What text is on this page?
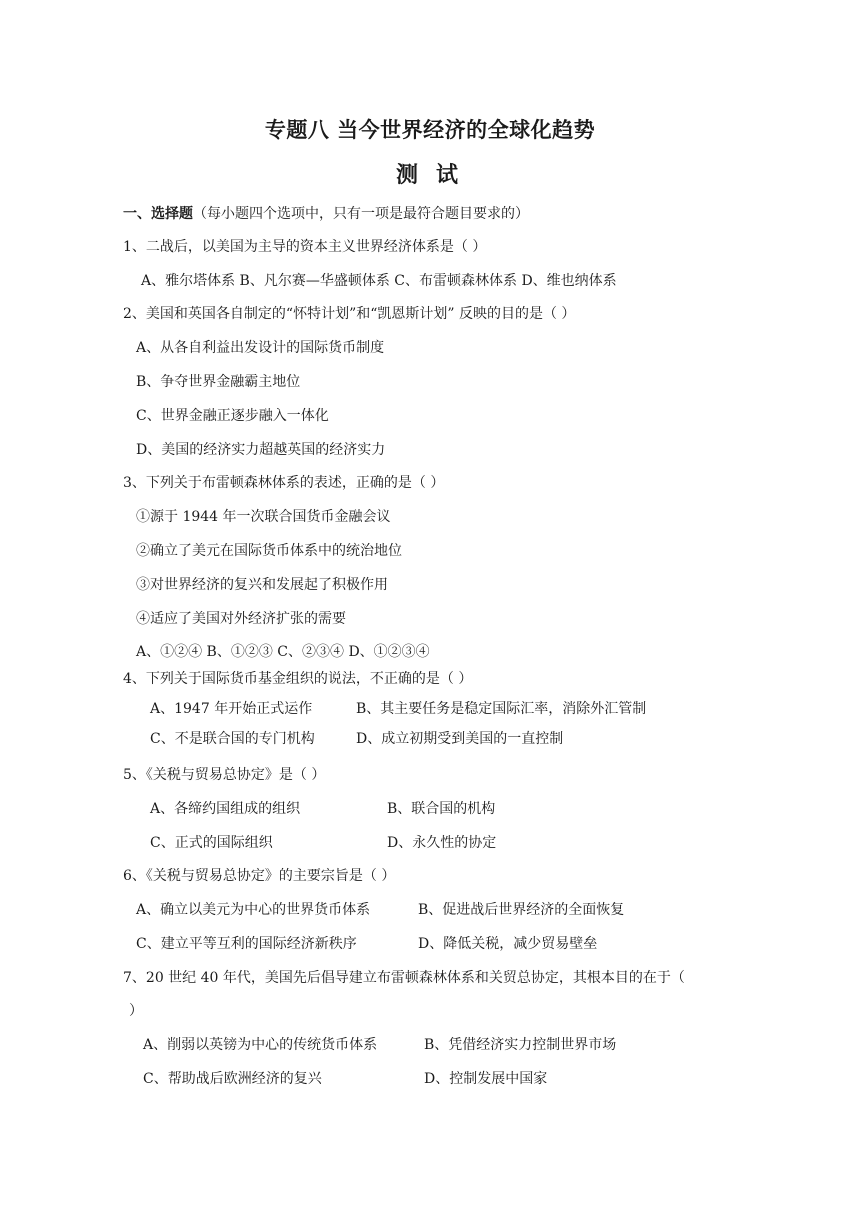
专题八 当今世界经济的全球化趋势
测试
一、选择题（每小题四个选项中，只有一项是最符合题目要求的）
1、二战后，以美国为主导的资本主义世界经济体系是（ ）
A、雅尔塔体系 B、凡尔赛—华盛顿体系 C、布雷顿森林体系 D、维也纳体系
2、美国和英国各自制定的“怀特计划”和“凯恩斯计划” 反映的目的是（ ）
A、从各自利益出发设计的国际货币制度
B、争夺世界金融霸主地位
C、世界金融正逐步融入一体化
D、美国的经济实力超越英国的经济实力
3、下列关于布雷顿森林体系的表述，正确的是（ ）
①源于 1944 年一次联合国货币金融会议
②确立了美元在国际货币体系中的统治地位
③对世界经济的复兴和发展起了积极作用
④适应了美国对外经济扩张的需要
A、①②④ B、①②③ C、②③④ D、①②③④
4、下列关于国际货币基金组织的说法，不正确的是（ ）
A、1947 年开始正式运作	B、其主要任务是稳定国际汇率，消除外汇管制
C、不是联合国的专门机构	D、成立初期受到美国的一直控制
5、《关税与贸易总协定》是（ ）
A、各缔约国组成的组织	B、联合国的机构
C、正式的国际组织	D、永久性的协定
6、《关税与贸易总协定》的主要宗旨是（ ）
A、确立以美元为中心的世界货币体系	B、促进战后世界经济的全面恢复
C、建立平等互利的国际经济新秩序	D、降低关税，减少贸易壁垒
7、20 世纪 40 年代，美国先后倡导建立布雷顿森林体系和关贸总协定，其根本目的在于（
）
A、削弱以英镑为中心的传统货币体系	B、凭借经济实力控制世界市场
C、帮助战后欧洲经济的复兴	D、控制发展中国家
